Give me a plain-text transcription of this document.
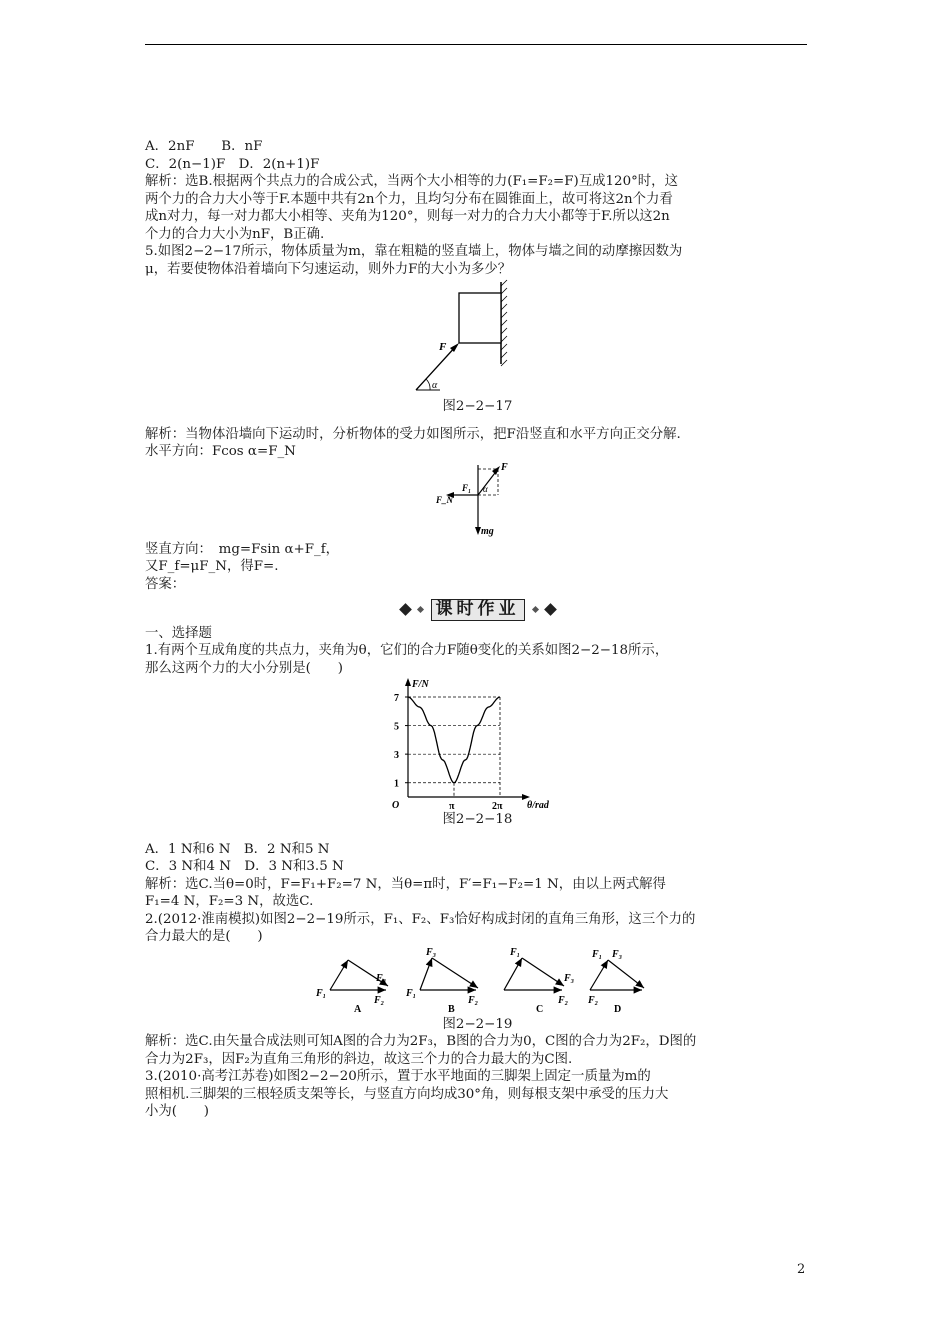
A．2nF　　B．nF
C．2(n−1)F　D．2(n+1)F
解析：选B.根据两个共点力的合成公式，当两个大小相等的力(F₁=F₂=F)互成120°时，这
两个力的合力大小等于F.本题中共有2n个力，且均匀分布在圆锥面上，故可将这2n个力看
成n对力，每一对力都大小相等、夹角为120°，则每一对力的合力大小都等于F.所以这2n
个力的合力大小为nF，B正确.
5.如图2−2−17所示，物体质量为m，靠在粗糙的竖直墙上，物体与墙之间的动摩擦因数为
μ，若要使物体沿着墙向下匀速运动，则外力F的大小为多少？
F
α
图2−2−17
解析：当物体沿墙向下运动时，分析物体的受力如图所示，把F沿竖直和水平方向正交分解.
水平方向：Fcos α=F_N
F
F₁
F_N
α
mg
竖直方向：　mg=Fsin α+F_f，
又F_f=μF_N，得F=.
答案：
课时作业
一、选择题
1.有两个互成角度的共点力，夹角为θ，它们的合力F随θ变化的关系如图2−2−18所示，
那么这两个力的大小分别是(　　)
F/N
θ/rad
O
1
3
5
7
π	2π
图2−2−18
A．1 N和6 N　B．2 N和5 N
C．3 N和4 N　D．3 N和3.5 N
解析：选C.当θ=0时，F=F₁+F₂=7 N，当θ=π时，F′=F₁−F₂=1 N，由以上两式解得
F₁=4 N，F₂=3 N，故选C.
2.(2012·淮南模拟)如图2−2−19所示，F₁、F₂、F₃恰好构成封闭的直角三角形，这三个力的
合力最大的是(　　)
F₁
F₃
F₂
A
F₁
F₃
F₂
B
F₁
F₃
F₂
C
F₁ F₃
F₂
D
图2−2−19
解析：选C.由矢量合成法则可知A图的合力为2F₃，B图的合力为0，C图的合力为2F₂，D图的
合力为2F₃，因F₂为直角三角形的斜边，故这三个力的合力最大的为C图.
3.(2010·高考江苏卷)如图2−2−20所示，置于水平地面的三脚架上固定一质量为m的
照相机.三脚架的三根轻质支架等长，与竖直方向均成30°角，则每根支架中承受的压力大
小为(　　)
2
